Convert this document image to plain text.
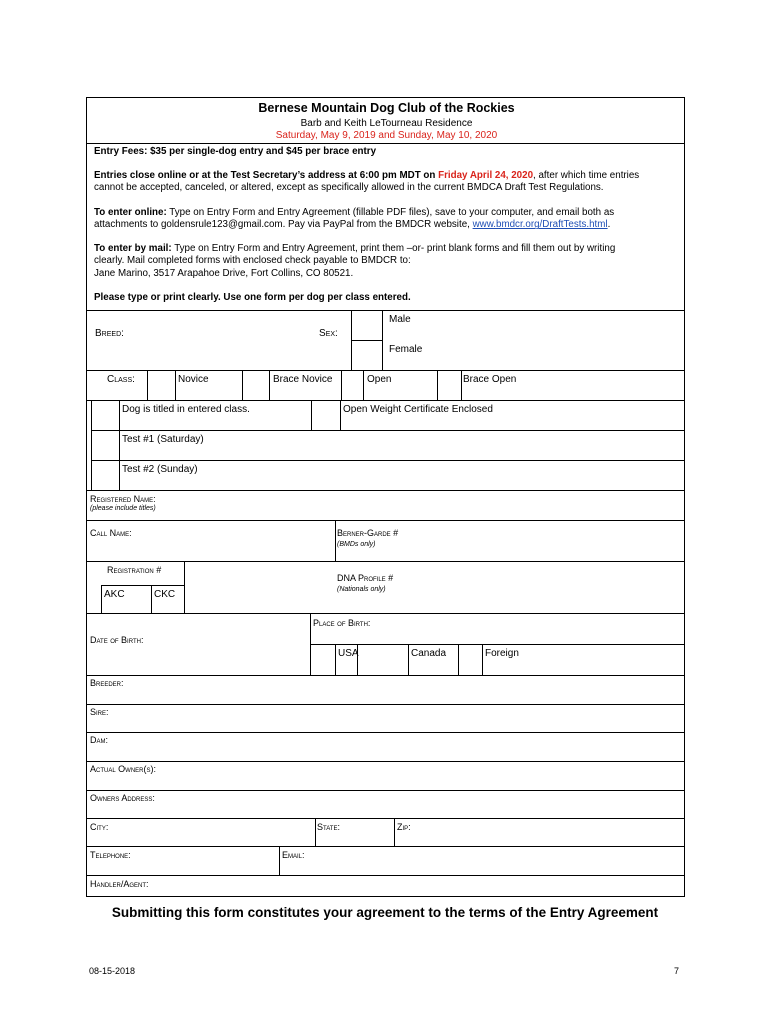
Bernese Mountain Dog Club of the Rockies
Barb and Keith LeTourneau Residence
Saturday, May 9, 2019 and Sunday, May 10, 2020
Entry Fees: $35 per single-dog entry and $45 per brace entry
Entries close online or at the Test Secretary’s address at 6:00 pm MDT on Friday April 24, 2020, after which time entries
cannot be accepted, canceled, or altered, except as specifically allowed in the current BMDCA Draft Test Regulations.
To enter online: Type on Entry Form and Entry Agreement (fillable PDF files), save to your computer, and email both as
attachments to goldensrule123@gmail.com. Pay via PayPal from the BMDCR website, www.bmdcr.org/DraftTests.html.
To enter by mail: Type on Entry Form and Entry Agreement, print them –or- print blank forms and fill them out by writing
clearly. Mail completed forms with enclosed check payable to BMDCR to:
Jane Marino, 3517 Arapahoe Drive, Fort Collins, CO 80521.
Please type or print clearly. Use one form per dog per class entered.
Breed:	Sex:
Male
Female
Class:	Novice	Brace Novice	Open	Brace Open
Dog is titled in entered class.	Open Weight Certificate Enclosed
Test #1 (Saturday)
Test #2 (Sunday)
Registered Name:
(please include titles)
Call Name:	Berner-Garde #
(BMDs only)
Registration #
AKC	CKC
DNA Profile #
(Nationals only)
Place of Birth:
Date of Birth:
USA	Canada	Foreign
Breeder:
Sire:
Dam:
Actual Owner(s):
Owners Address:
City:	State:	Zip:
Telephone:	Email:
Handler/Agent:
Submitting this form constitutes your agreement to the terms of the Entry Agreement
08-15-2018	7
